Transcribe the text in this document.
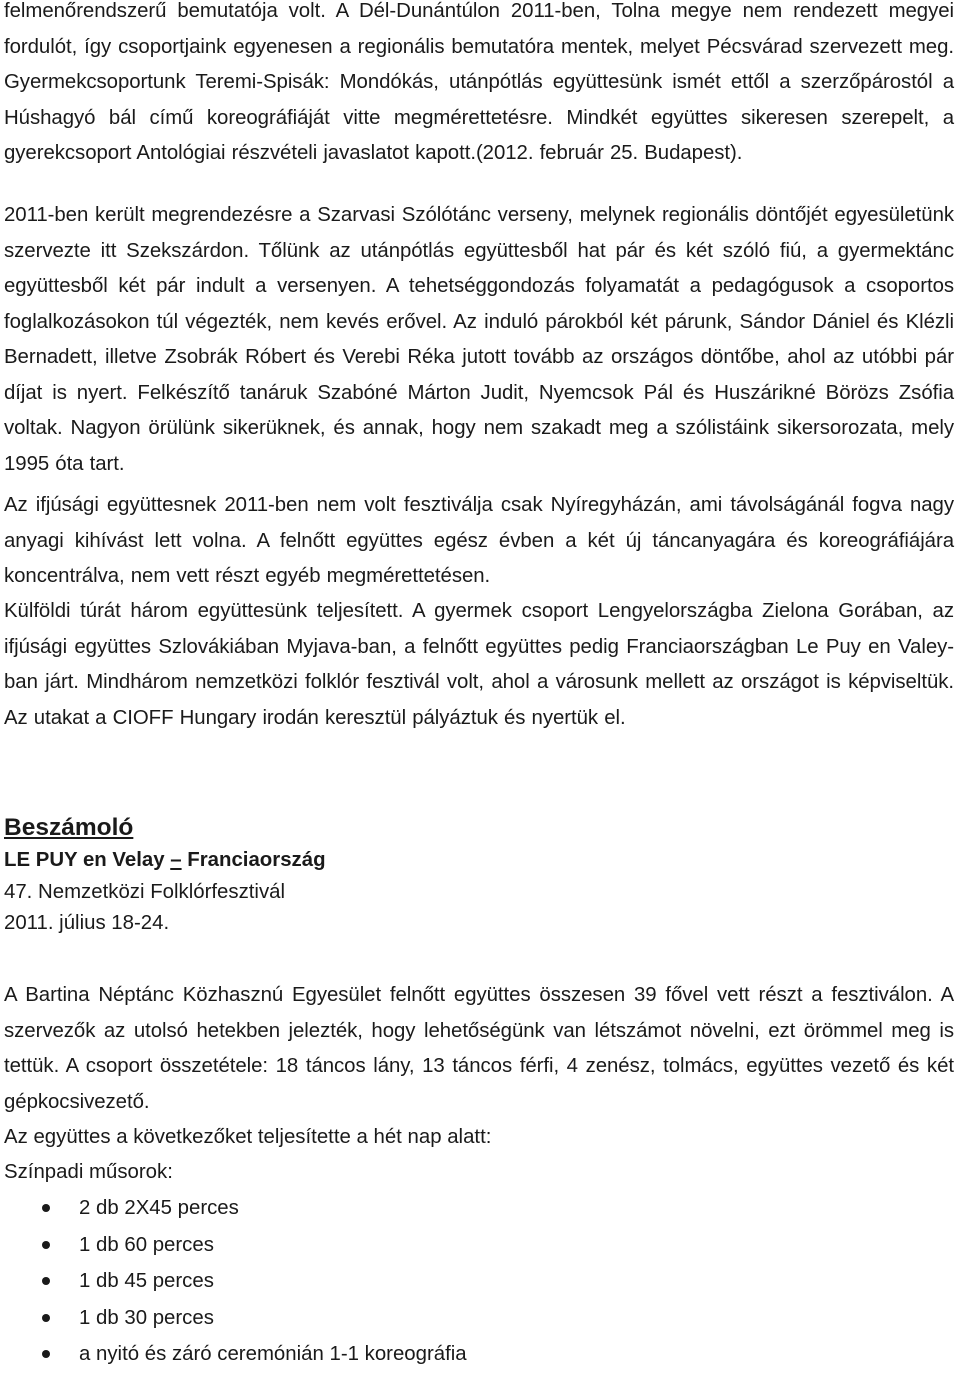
felmenőrendszerű bemutatója volt. A Dél-Dunántúlon 2011-ben, Tolna megye nem rendezett megyei fordulót, így csoportjaink egyenesen a regionális bemutatóra mentek, melyet Pécsvárad szervezett meg. Gyermekcsoportunk Teremi-Spisák: Mondókás, utánpótlás együttesünk ismét ettől a szerzőpárostól a Húshagyó bál című koreográfiáját vitte megmérettetésre. Mindkét együttes sikeresen szerepelt, a gyerekcsoport Antológiai részvételi javaslatot kapott.(2012. február 25. Budapest).

2011-ben került megrendezésre a Szarvasi Szólótánc verseny, melynek regionális döntőjét egyesületünk szervezte itt Szekszárdon. Tőlünk az utánpótlás együttesből hat pár és két szóló fiú, a gyermektánc együttesből két pár indult a versenyen. A tehetséggondozás folyamatát a pedagógusok a csoportos foglalkozásokon túl végezték, nem kevés erővel. Az induló párokból két párunk, Sándor Dániel és Klézli Bernadett, illetve Zsobrák Róbert és Verebi Réka jutott tovább az országos döntőbe, ahol az utóbbi pár díjat is nyert. Felkészítő tanáruk Szabóné Márton Judit, Nyemcsok Pál és Huszárikné Börözs Zsófia voltak. Nagyon örülünk sikerüknek, és annak, hogy nem szakadt meg a szólistáink sikersorozata, mely 1995 óta tart.

Az ifjúsági együttesnek 2011-ben nem volt fesztiválja csak Nyíregyházán, ami távolságánál fogva nagy anyagi kihívást lett volna. A felnőtt együttes egész évben a két új táncanyagára és koreográfiájára koncentrálva, nem vett részt egyéb megmérettetésen.

Külföldi túrát három együttesünk teljesített. A gyermek csoport Lengyelországba Zielona Gorában, az ifjúsági együttes Szlovákiában Myjava-ban, a felnőtt együttes pedig Franciaországban Le Puy en Valey-ban járt. Mindhárom nemzetközi folklór fesztivál volt, ahol a városunk mellett az országot is képviseltük. Az utakat a CIOFF Hungary irodán keresztül pályáztuk és nyertük el.

Beszámoló

LE PUY en Velay – Franciaország

47. Nemzetközi Folklórfesztivál

2011. július 18-24.

A Bartina Néptánc Közhasznú Egyesület felnőtt együttes összesen 39 fővel vett részt a fesztiválon. A szervezők az utolsó hetekben jelezték, hogy lehetőségünk van létszámot növelni, ezt örömmel meg is tettük. A csoport összetétele: 18 táncos lány, 13 táncos férfi, 4 zenész, tolmács, együttes vezető és két gépkocsivezető.

Az együttes a következőket teljesítette a hét nap alatt:

Színpadi műsorok:

2 db 2X45 perces
1 db 60 perces
1 db 45 perces
1 db 30 perces
a nyitó és záró ceremónián 1-1 koreográfia
